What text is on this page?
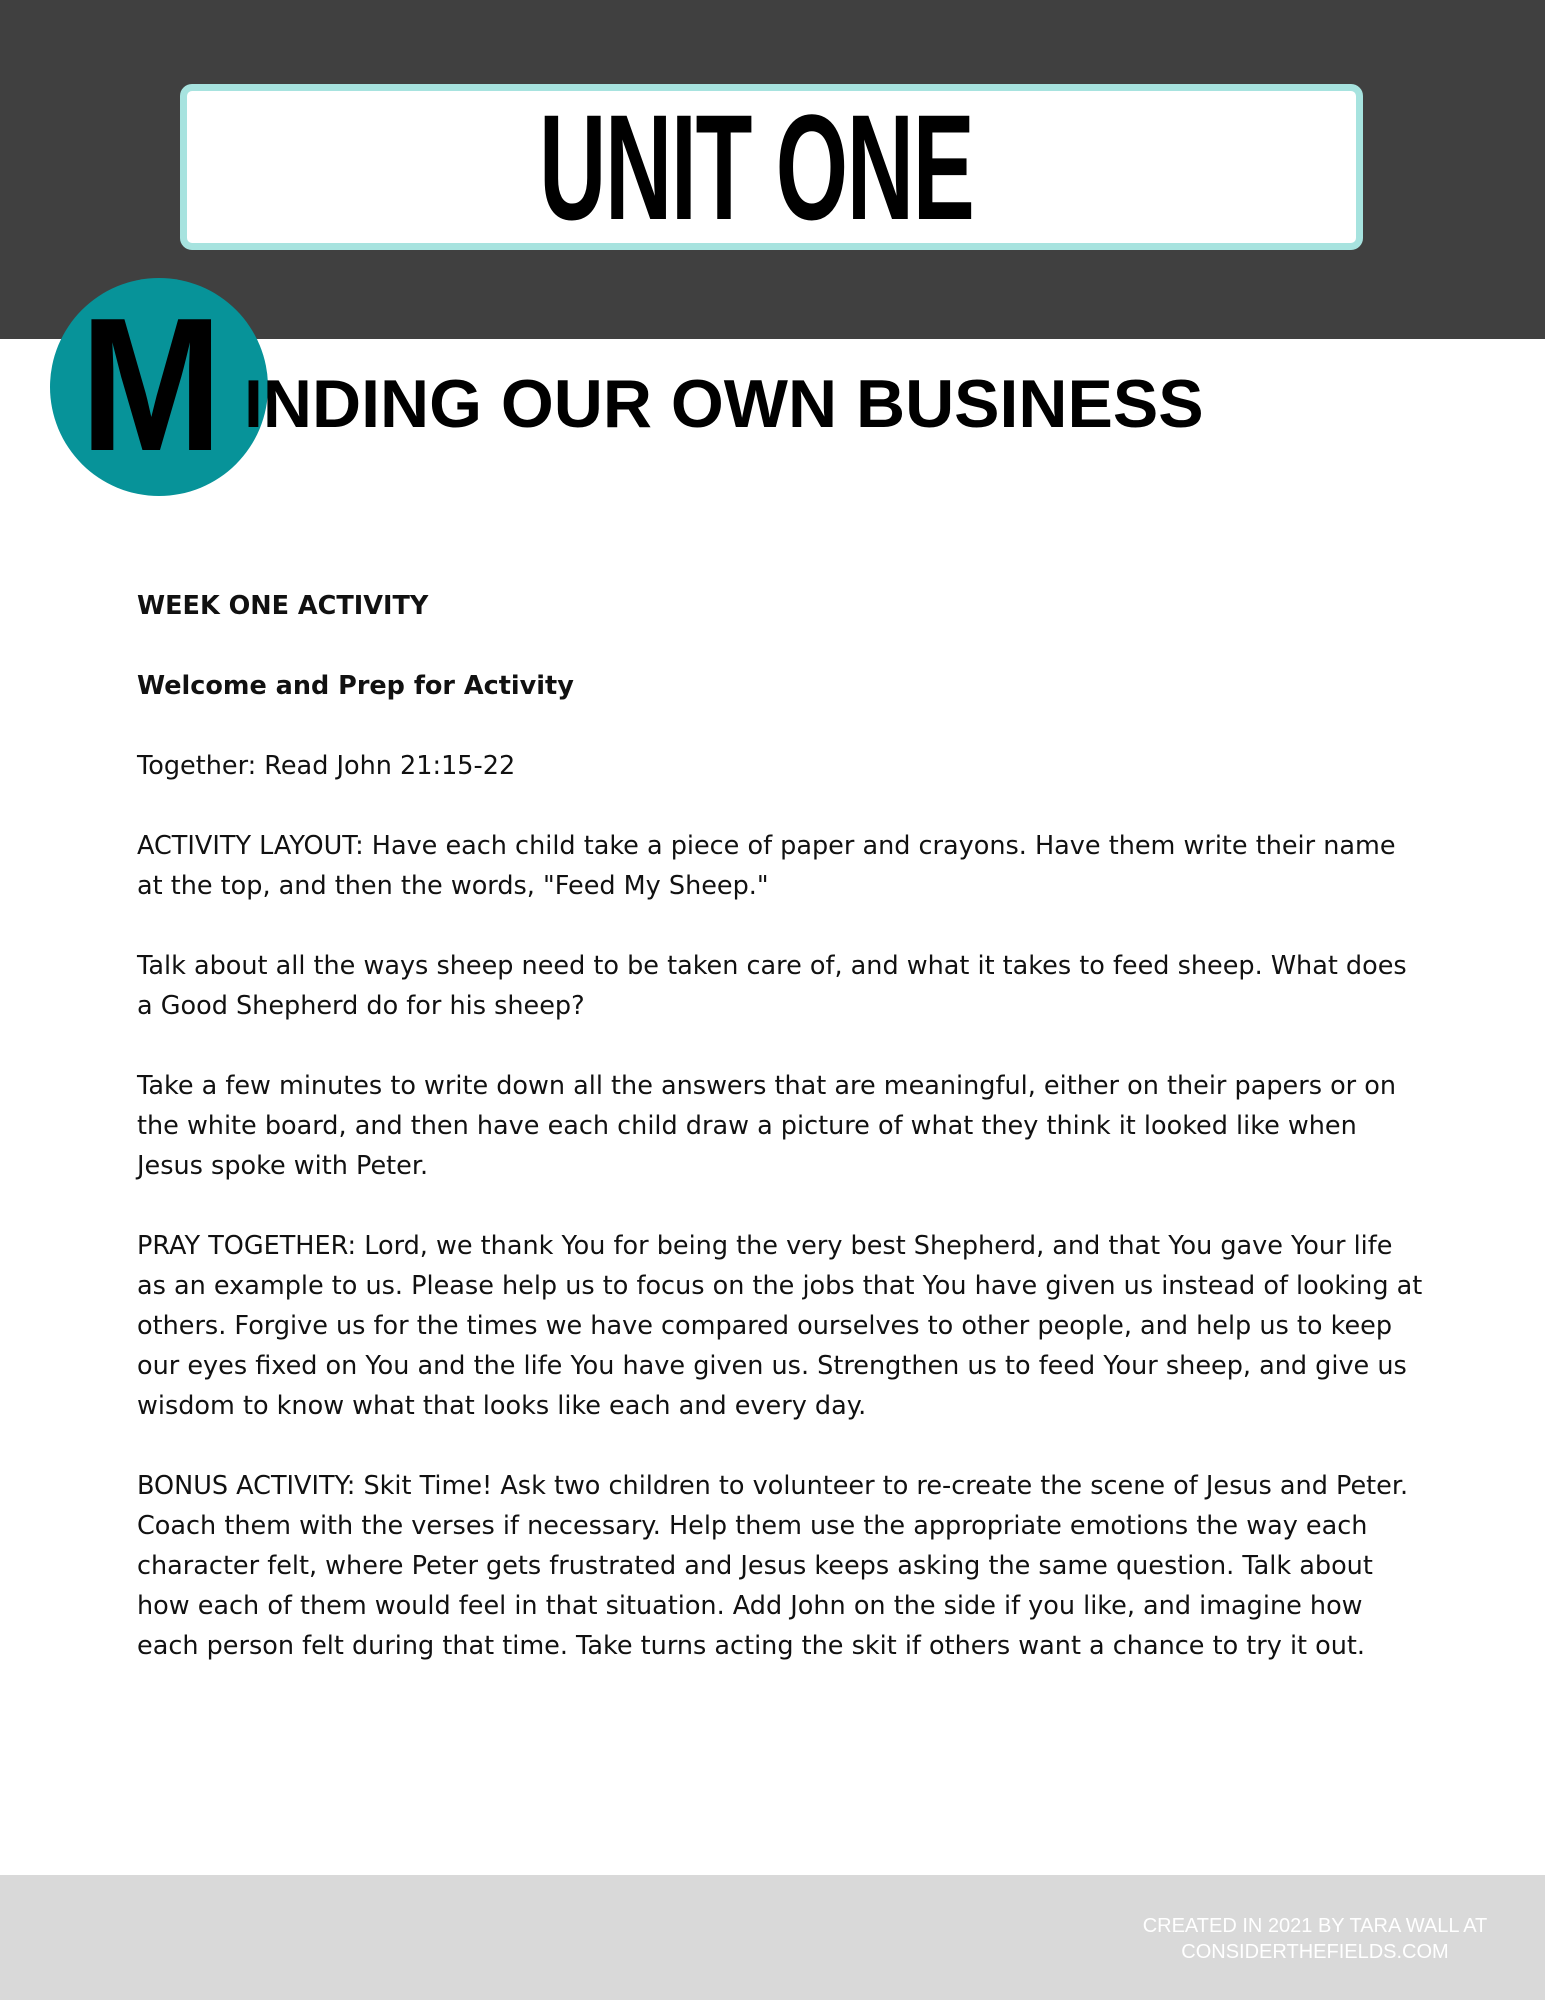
UNIT ONE
M INDING OUR OWN BUSINESS

WEEK ONE ACTIVITY

Welcome and Prep for Activity

Together: Read John 21:15-22

ACTIVITY LAYOUT: Have each child take a piece of paper and crayons. Have them write their name at the top, and then the words, "Feed My Sheep."

Talk about all the ways sheep need to be taken care of, and what it takes to feed sheep. What does a Good Shepherd do for his sheep?

Take a few minutes to write down all the answers that are meaningful, either on their papers or on the white board, and then have each child draw a picture of what they think it looked like when Jesus spoke with Peter.

PRAY TOGETHER: Lord, we thank You for being the very best Shepherd, and that You gave Your life as an example to us. Please help us to focus on the jobs that You have given us instead of looking at others. Forgive us for the times we have compared ourselves to other people, and help us to keep our eyes fixed on You and the life You have given us. Strengthen us to feed Your sheep, and give us wisdom to know what that looks like each and every day.

BONUS ACTIVITY: Skit Time! Ask two children to volunteer to re-create the scene of Jesus and Peter. Coach them with the verses if necessary. Help them use the appropriate emotions the way each character felt, where Peter gets frustrated and Jesus keeps asking the same question. Talk about how each of them would feel in that situation. Add John on the side if you like, and imagine how each person felt during that time. Take turns acting the skit if others want a chance to try it out.

CREATED IN 2021 BY TARA WALL AT
CONSIDERTHEFIELDS.COM
